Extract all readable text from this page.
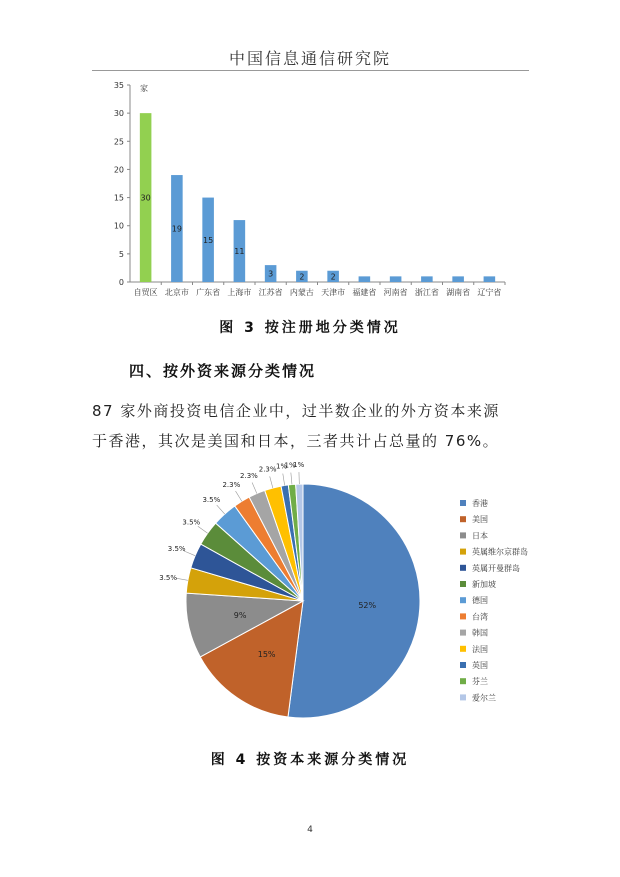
中国信息通信研究院
0
5
10
15
20
25
30
35 家
自贸区
30
北京市
19
广东省
15
上海市
11
江苏省
3
内蒙古
2
天津市
2
福建省 河南省 浙江省 湖南省 辽宁省
52%
15%
9%
3.5%
3.5%
3.5%
3.5%
2.3%
2.3%
2.3% 1%
1%
1%
香港
美国
日本
英属维尔京群岛
英属开曼群岛
新加坡
德国
台湾
韩国
法国
英国
芬兰
爱尔兰
图 3 按注册地分类情况
四、按外资来源分类情况
87 家外商投资电信企业中，过半数企业的外方资本来源
于香港，其次是美国和日本，三者共计占总量的 76%。
图 4 按资本来源分类情况
4
